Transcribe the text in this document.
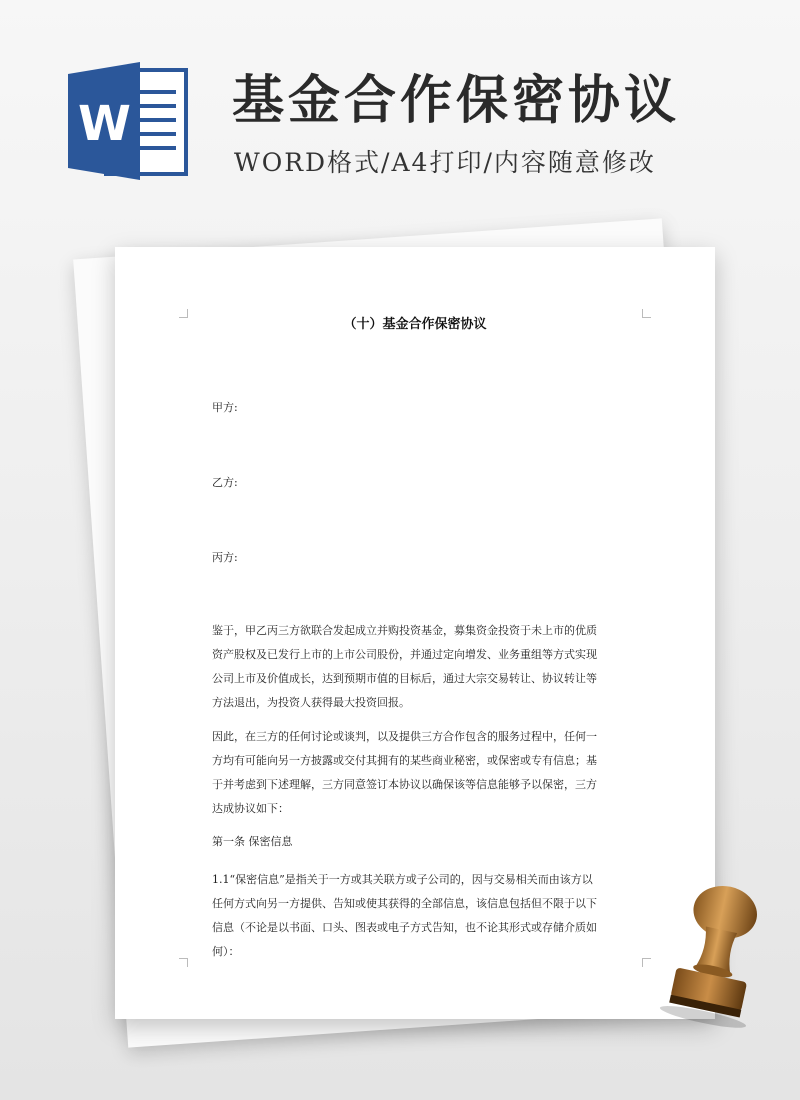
W 基金合作保密协议
WORD格式/A4打印/内容随意修改
（十）基金合作保密协议
甲方:
乙方:
丙方:

鉴于，甲乙丙三方欲联合发起成立并购投资基金，募集资金投资于未上市的优质
资产股权及已发行上市的上市公司股份，并通过定向增发、业务重组等方式实现
公司上市及价值成长，达到预期市值的目标后，通过大宗交易转让、协议转让等
方法退出，为投资人获得最大投资回报。

因此，在三方的任何讨论或谈判，以及提供三方合作包含的服务过程中，任何一
方均有可能向另一方披露或交付其拥有的某些商业秘密，或保密或专有信息；基
于并考虑到下述理解，三方同意签订本协议以确保该等信息能够予以保密，三方
达成协议如下：

第一条 保密信息

1.1“保密信息”是指关于一方或其关联方或子公司的，因与交易相关而由该方以
任何方式向另一方提供、告知或使其获得的全部信息，该信息包括但不限于以下
信息（不论是以书面、口头、图表或电子方式告知，也不论其形式或存储介质如
何）：
